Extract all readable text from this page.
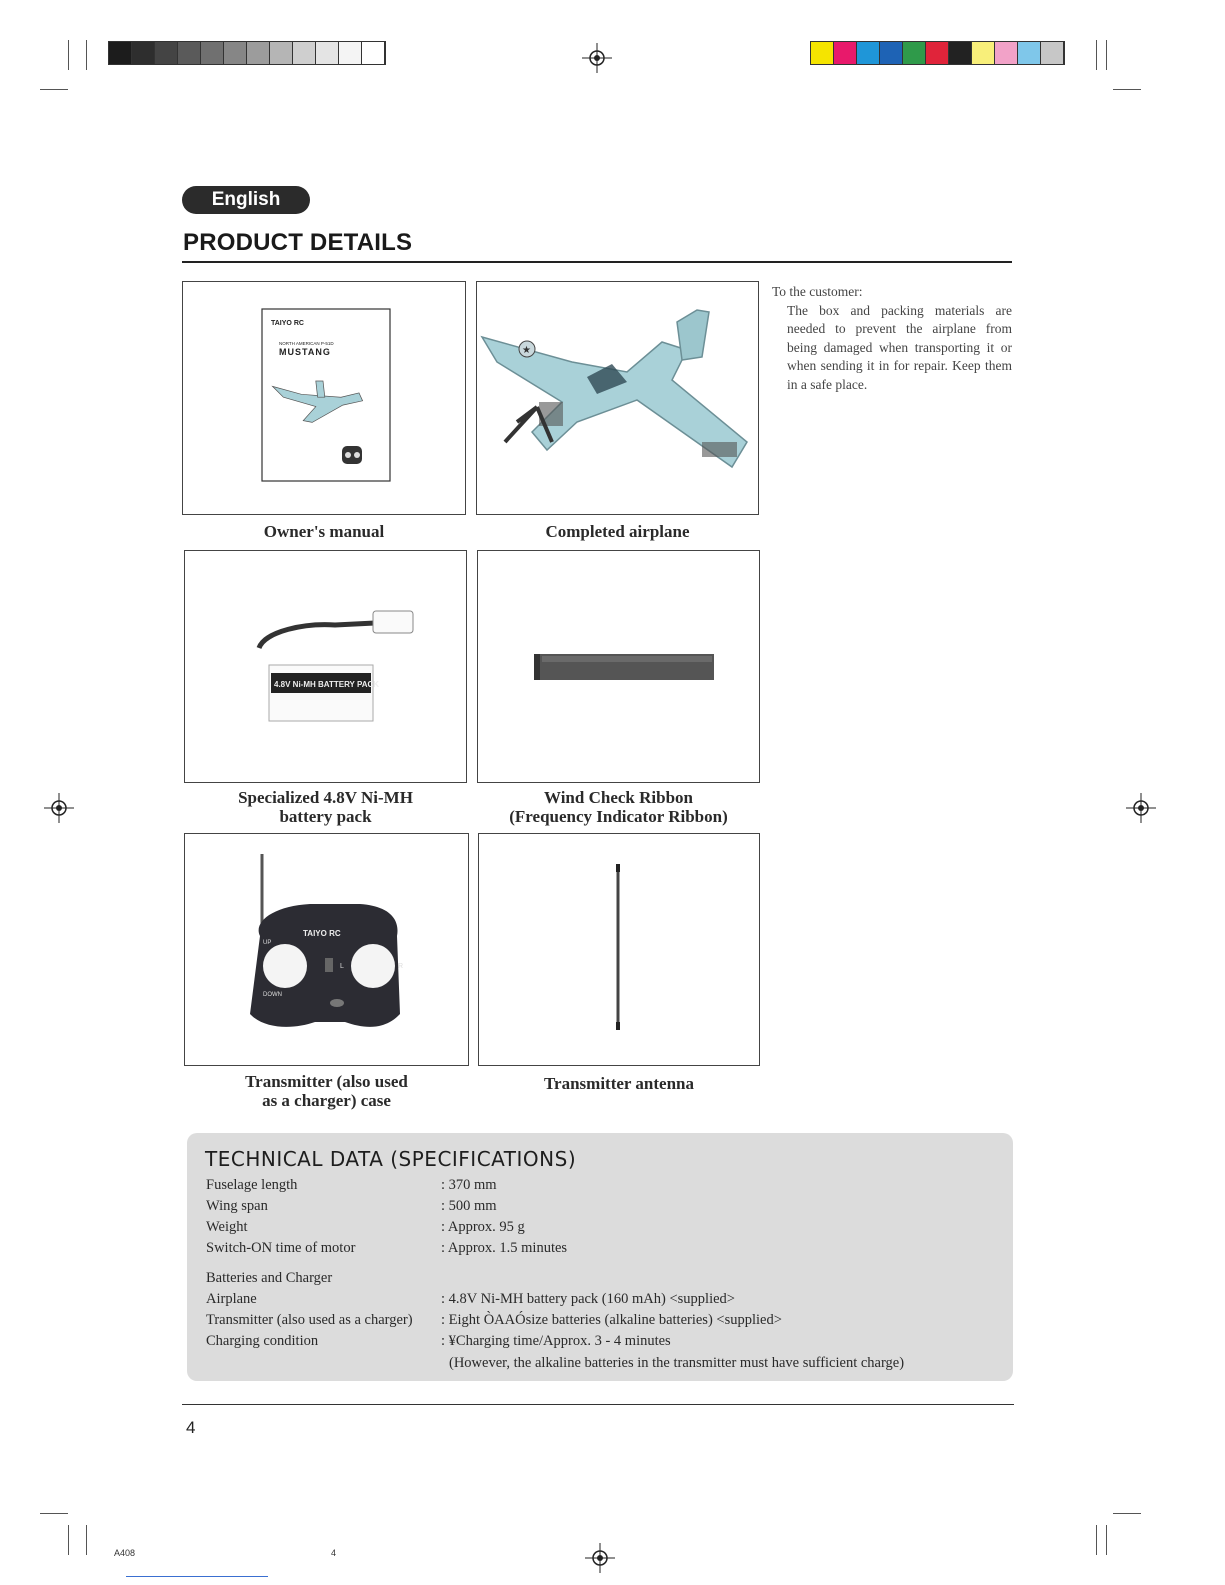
English
PRODUCT DETAILS
TAIYO RC
NORTH AMERICAN P-51D
MUSTANG
Owner's manual
★
Completed airplane
4.8V Ni-MH BATTERY PACK
Specialized 4.8V Ni-MH
battery pack
Wind Check Ribbon
(Frequency Indicator Ribbon)
TAIYO RC
UP
DOWN
L	R
Transmitter (also used
as a charger) case
Transmitter antenna
To the customer:
The box and packing materials are needed to prevent the airplane from being damaged when transporting it or when sending it in for repair. Keep them in a safe place.
TECHNICAL DATA (SPECIFICATIONS)
Fuselage length	: 370 mm
Wing span	: 500 mm
Weight	: Approx. 95 g
Switch-ON time of motor	: Approx. 1.5 minutes
Batteries and Charger
Airplane	: 4.8V Ni-MH battery pack (160 mAh) <supplied>
Transmitter (also used as a charger) : Eight ÒAAÓsize batteries (alkaline batteries) <supplied>
Charging condition	: ¥Charging time/Approx. 3 - 4 minutes
(However, the alkaline batteries in the transmitter must have sufficient charge)
4
A408	4
